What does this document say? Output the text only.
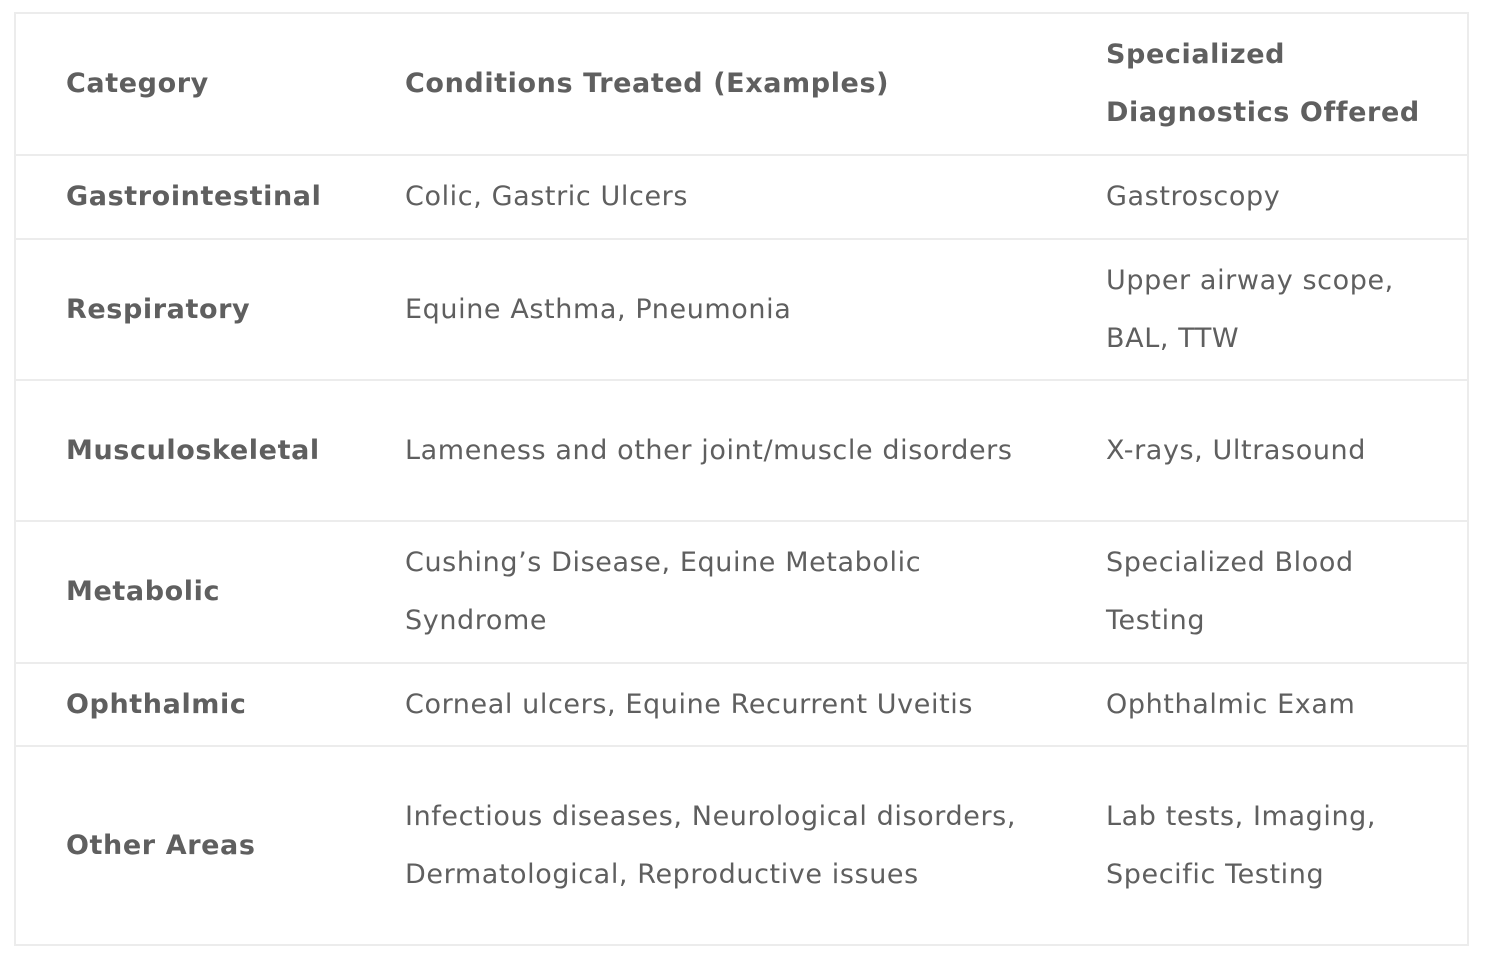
Category	Conditions Treated (Examples)	Specialized Diagnostics Offered
Gastrointestinal	Colic, Gastric Ulcers	Gastroscopy
Respiratory	Equine Asthma, Pneumonia	Upper airway scope, BAL, TTW
Musculoskeletal	Lameness and other joint/muscle disorders	X-rays, Ultrasound
Metabolic	Cushing’s Disease, Equine Metabolic Syndrome	Specialized Blood Testing
Ophthalmic	Corneal ulcers, Equine Recurrent Uveitis	Ophthalmic Exam
Other Areas	Infectious diseases, Neurological disorders, Dermatological, Reproductive issues	Lab tests, Imaging, Specific Testing
